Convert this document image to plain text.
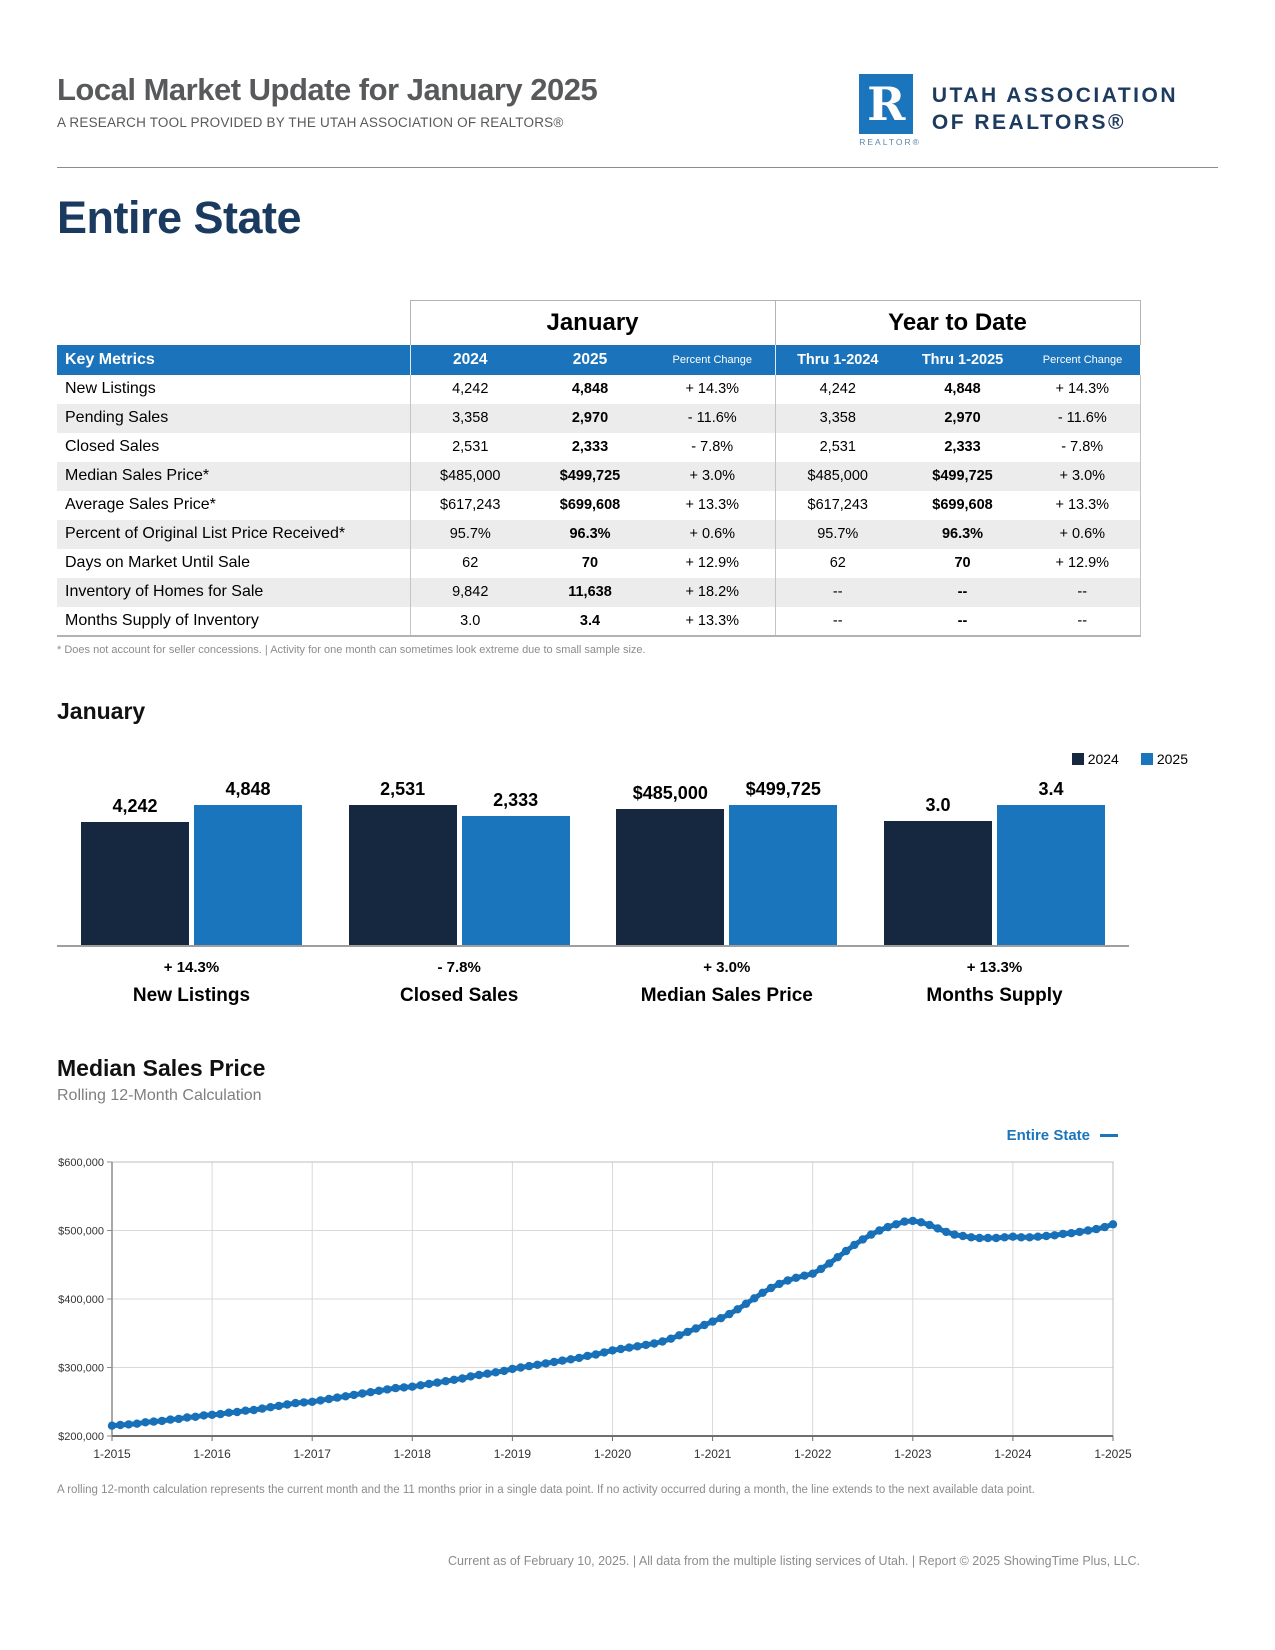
Local Market Update for January 2025
A RESEARCH TOOL PROVIDED BY THE UTAH ASSOCIATION OF REALTORS®	R
REALTOR®
UTAH ASSOCIATION
OF REALTORS®
Entire State
	January			Year to Date		
Key Metrics	2024	2025	Percent Change	Thru 1-2024	Thru 1-2025	Percent Change
New Listings	4,242	4,848	+ 14.3%	4,242	4,848	+ 14.3%
Pending Sales	3,358	2,970	- 11.6%	3,358	2,970	- 11.6%
Closed Sales	2,531	2,333	- 7.8%	2,531	2,333	- 7.8%
Median Sales Price*	$485,000	$499,725	+ 3.0%	$485,000	$499,725	+ 3.0%
Average Sales Price*	$617,243	$699,608	+ 13.3%	$617,243	$699,608	+ 13.3%
Percent of Original List Price Received*	95.7%	96.3%	+ 0.6%	95.7%	96.3%	+ 0.6%
Days on Market Until Sale	62	70	+ 12.9%	62	70	+ 12.9%
Inventory of Homes for Sale	9,842	11,638	+ 18.2%	--	--	--
Months Supply of Inventory	3.0	3.4	+ 13.3%	--	--	--
* Does not account for seller concessions. | Activity for one month can sometimes look extreme due to small sample size.
January
2024	2025
4,242
4,848	2,531
2,333	$485,000 $499,725
3.0
3.4
+ 14.3%
New Listings
- 7.8%
Closed Sales
+ 3.0%
Median Sales Price
+ 13.3%
Months Supply
Median Sales Price
Rolling 12-Month Calculation
Entire State
$600,000
$500,000
$400,000
$300,000
$200,000
1-2015	1-2016	1-2017	1-2018	1-2019	1-2020	1-2021	1-2022	1-2023	1-2024	1-2025
A rolling 12-month calculation represents the current month and the 11 months prior in a single data point. If no activity occurred during a month, the line extends to the next available data point.
Current as of February 10, 2025. | All data from the multiple listing services of Utah. | Report © 2025 ShowingTime Plus, LLC.
